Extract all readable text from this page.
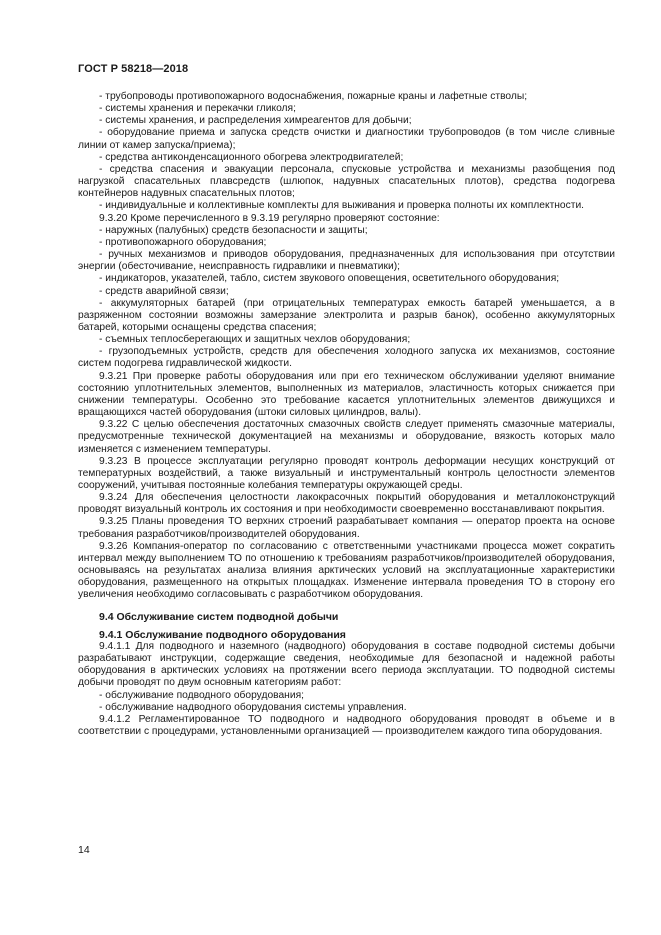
ГОСТ Р 58218—2018

- трубопроводы противопожарного водоснабжения, пожарные краны и лафетные стволы;

- системы хранения и перекачки гликоля;

- системы хранения, и распределения химреагентов для добычи;

- оборудование приема и запуска средств очистки и диагностики трубопроводов (в том числе сливные линии от камер запуска/приема);

- средства антиконденсационного обогрева электродвигателей;

- средства спасения и эвакуации персонала, спусковые устройства и механизмы разобщения под нагрузкой спасательных плавсредств (шлюпок, надувных спасательных плотов), средства подогрева контейнеров надувных спасательных плотов;

- индивидуальные и коллективные комплекты для выживания и проверка полноты их комплектности.

9.3.20 Кроме перечисленного в 9.3.19 регулярно проверяют состояние:

- наружных (палубных) средств безопасности и защиты;

- противопожарного оборудования;

- ручных механизмов и приводов оборудования, предназначенных для использования при отсутствии энергии (обесточивание, неисправность гидравлики и пневматики);

- индикаторов, указателей, табло, систем звукового оповещения, осветительного оборудования;

- средств аварийной связи;

- аккумуляторных батарей (при отрицательных температурах емкость батарей уменьшается, а в разряженном состоянии возможны замерзание электролита и разрыв банок), особенно аккумуляторных батарей, которыми оснащены средства спасения;

- съемных теплосберегающих и защитных чехлов оборудования;

- грузоподъемных устройств, средств для обеспечения холодного запуска их механизмов, состояние систем подогрева гидравлической жидкости.

9.3.21 При проверке работы оборудования или при его техническом обслуживании уделяют внимание состоянию уплотнительных элементов, выполненных из материалов, эластичность которых снижается при снижении температуры. Особенно это требование касается уплотнительных элементов движущихся и вращающихся частей оборудования (штоки силовых цилиндров, валы).

9.3.22 С целью обеспечения достаточных смазочных свойств следует применять смазочные материалы, предусмотренные технической документацией на механизмы и оборудование, вязкость которых мало изменяется с изменением температуры.

9.3.23 В процессе эксплуатации регулярно проводят контроль деформации несущих конструкций от температурных воздействий, а также визуальный и инструментальный контроль целостности элементов сооружений, учитывая постоянные колебания температуры окружающей среды.

9.3.24 Для обеспечения целостности лакокрасочных покрытий оборудования и металлоконструкций проводят визуальный контроль их состояния и при необходимости своевременно восстанавливают покрытия.

9.3.25 Планы проведения ТО верхних строений разрабатывает компания — оператор проекта на основе требования разработчиков/производителей оборудования.

9.3.26 Компания-оператор по согласованию с ответственными участниками процесса может сократить интервал между выполнением ТО по отношению к требованиям разработчиков/производителей оборудования, основываясь на результатах анализа влияния арктических условий на эксплуатационные характеристики оборудования, размещенного на открытых площадках. Изменение интервала проведения ТО в сторону его увеличения необходимо согласовывать с разработчиком оборудования.

9.4 Обслуживание систем подводной добычи

9.4.1 Обслуживание подводного оборудования

9.4.1.1 Для подводного и наземного (надводного) оборудования в составе подводной системы добычи разрабатывают инструкции, содержащие сведения, необходимые для безопасной и надежной работы оборудования в арктических условиях на протяжении всего периода эксплуатации. ТО подводной системы добычи проводят по двум основным категориям работ:

- обслуживание подводного оборудования;

- обслуживание надводного оборудования системы управления.

9.4.1.2 Регламентированное ТО подводного и надводного оборудования проводят в объеме и в соответствии с процедурами, установленными организацией — производителем каждого типа оборудования.

14
